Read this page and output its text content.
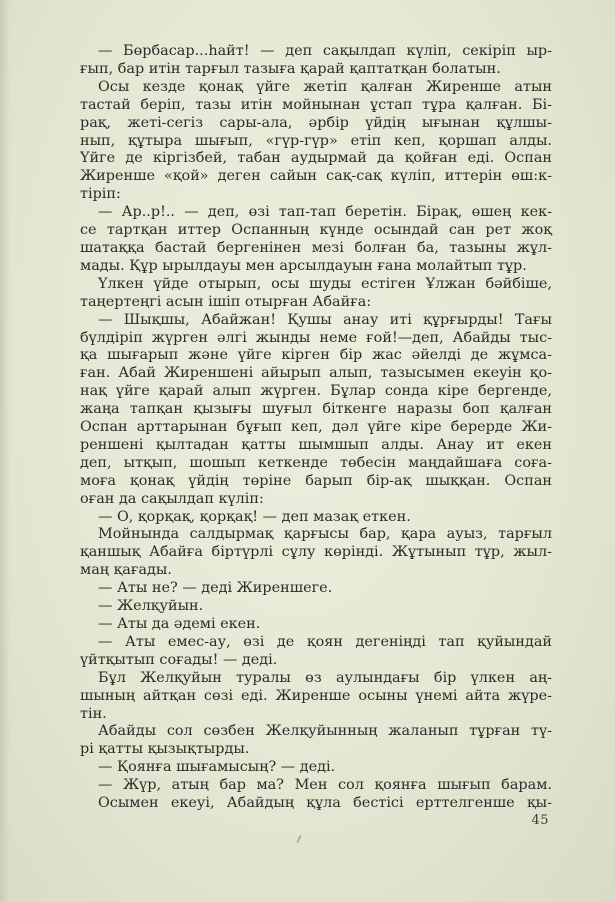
— Бөрбасар...һайт! — деп сақылдап күліп, секіріп ыр-
ғып, бар итін тарғыл тазыға қарай қаптатқан болатын.
Осы кезде қонақ үйге жетіп қалған Жиренше атын
тастай беріп, тазы итін мойнынан ұстап тұра қалған. Бі-
рақ, жеті-сегіз сары-ала, әрбір үйдің ығынан құлшы-
нып, құтыра шығып, «гүр-гүр» етіп кеп, қоршап алды.
Үйге де кіргізбей, табан аудырмай да қойған еді. Оспан
Жиреншe «қой» деген сайын сақ-сақ күліп, иттерін өш:к-
тіріп:
— Ар..р!.. — деп, өзі тап-тап беретін. Бірақ, өшең кек-
се тартқан иттер Оспанның күнде осындай сан рет жоқ
шатаққа бастай бергенінен мезі болған ба, тазыны жұл-
мады. Құр ырылдауы мен арсылдауын ғана молайтып тұр.
Үлкен үйде отырып, осы шуды естіген Ұлжан бәйбіше,
таңертеңгі асын ішіп отырған Абайға:
— Шықшы, Абайжан! Қушы анау иті құрғырды! Тағы
бүлдіріп жүрген әлгі жынды неме ғой!—деп, Абайды тыс-
қа шығарып және үйге кірген бір жас әйелді де жұмса-
ған. Абай Жиреншені айырып алып, тазысымен екеуін қо-
нақ үйге қарай алып жүрген. Бұлар сонда кіре бергенде,
жаңа тапқан қызығы шуғыл біткенге наразы боп қалған
Оспан арттарынан бұғып кеп, дәл үйге кіре берерде Жи-
реншені қылтадан қатты шымшып алды. Анау ит екен
деп, ытқып, шошып кеткенде төбесін маңдайшаға соға-
моға қонақ үйдің төріне барып бір-ақ шыққан. Оспан
оған да сақылдап күліп:
— О, қорқақ, қорқақ! — деп мазақ еткен.
Мойнында салдырмақ қарғысы бар, қара ауыз, тарғыл
қаншық Абайға біртүрлі сұлу көрінді. Жұтынып тұр, жыл-
маң қағады.
— Аты не? — деді Жиреншеге.
— Желқуйын.
— Аты да әдемі екен.
— Аты емес-ау, өзі де қоян дегеніңді тап қуйындай
үйтқытып соғады! — деді.
Бұл Желқуйын туралы өз аулындағы бір үлкен аң-
шының айтқан сөзі еді. Жиренше осыны үнемі айта жүре-
тін.
Абайды сол сөзбен Желқуйынның жаланып тұрған тү-
рі қатты қызықтырды.
— Қоянға шығамысың? — деді.
— Жүр, атың бар ма? Мен сол қоянға шығып барам.
Осымен екеуі, Абайдың құла бестісі ерттелгенше қы-
45
